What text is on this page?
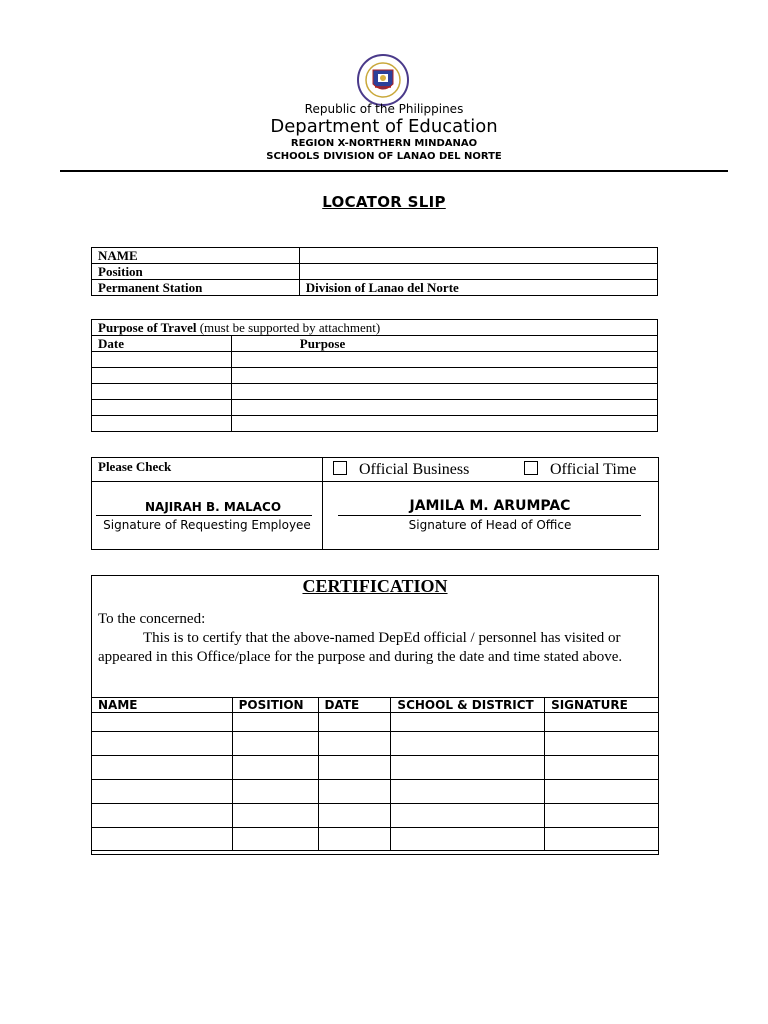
Republic of the Philippines
Department of Education
REGION X-NORTHERN MINDANAO
SCHOOLS DIVISION OF LANAO DEL NORTE
LOCATOR SLIP
NAME	
Position	
Permanent Station	Division of Lanao del Norte
Purpose of Travel (must be supported by attachment)	
Date	Purpose

Please Check	Official Business	Official Time
NAJIRAH B. MALACO
Signature of Requesting Employee
JAMILA M. ARUMPAC
Signature of Head of Office
CERTIFICATION
To the concerned:
This is to certify that the above-named DepEd official / personnel has visited or appeared in this Office/place for the purpose and during the date and time stated above.
NAME	POSITION	DATE	SCHOOL & DISTRICT	SIGNATURE
